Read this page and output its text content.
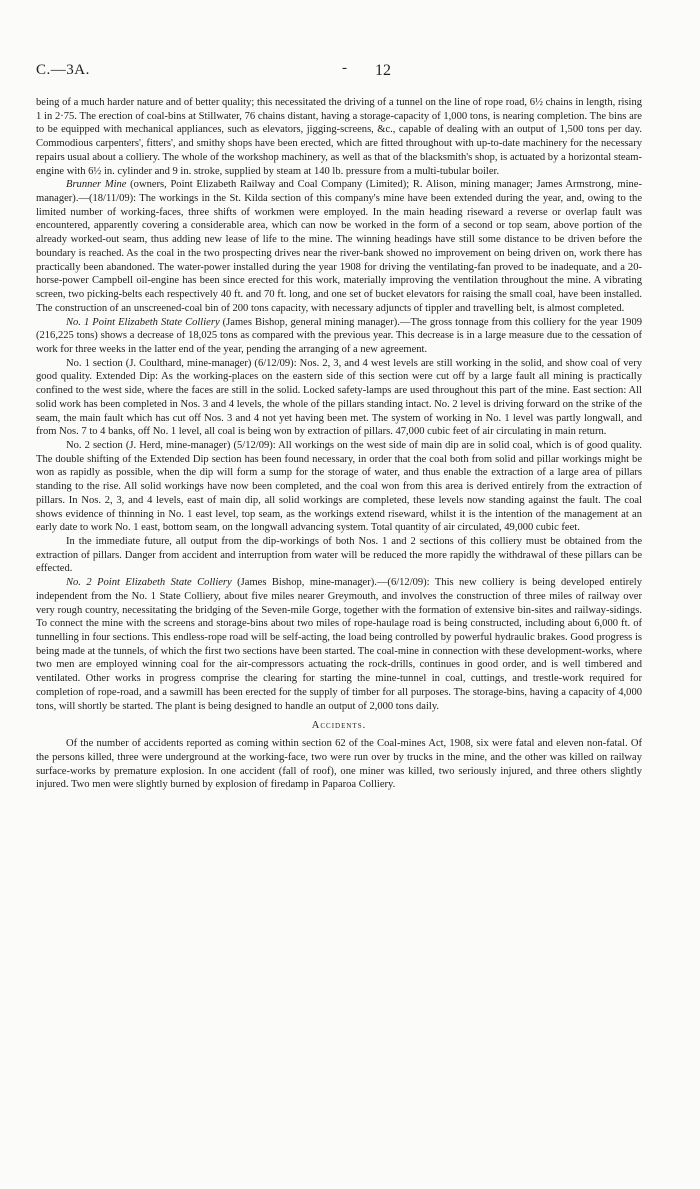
C.—3A.	- 12

being of a much harder nature and of better quality; this necessitated the driving of a tunnel on the line of rope road, 6½ chains in length, rising 1 in 2·75. The erection of coal-bins at Stillwater, 76 chains distant, having a storage-capacity of 1,000 tons, is nearing completion. The bins are to be equipped with mechanical appliances, such as elevators, jigging-screens, &c., capable of dealing with an output of 1,500 tons per day. Commodious carpenters', fitters', and smithy shops have been erected, which are fitted throughout with up-to-date machinery for the necessary repairs usual about a colliery. The whole of the workshop machinery, as well as that of the blacksmith's shop, is actuated by a horizontal steam-engine with 6½ in. cylinder and 9 in. stroke, supplied by steam at 140 lb. pressure from a multi-tubular boiler.

Brunner Mine (owners, Point Elizabeth Railway and Coal Company (Limited); R. Alison, mining manager; James Armstrong, mine-manager).—(18/11/09): The workings in the St. Kilda section of this company's mine have been extended during the year, and, owing to the limited number of working-faces, three shifts of workmen were employed. In the main heading riseward a reverse or overlap fault was encountered, apparently covering a considerable area, which can now be worked in the form of a second or top seam, above portion of the already worked-out seam, thus adding new lease of life to the mine. The winning headings have still some distance to be driven before the boundary is reached. As the coal in the two prospecting drives near the river-bank showed no improvement on being driven on, work there has practically been abandoned. The water-power installed during the year 1908 for driving the ventilating-fan proved to be inadequate, and a 20-horse-power Campbell oil-engine has been since erected for this work, materially improving the ventilation throughout the mine. A vibrating screen, two picking-belts each respectively 40 ft. and 70 ft. long, and one set of bucket elevators for raising the small coal, have been installed. The construction of an unscreened-coal bin of 200 tons capacity, with necessary adjuncts of tippler and travelling belt, is almost completed.

No. 1 Point Elizabeth State Colliery (James Bishop, general mining manager).—The gross tonnage from this colliery for the year 1909 (216,225 tons) shows a decrease of 18,025 tons as compared with the previous year. This decrease is in a large measure due to the cessation of work for three weeks in the latter end of the year, pending the arranging of a new agreement.

No. 1 section (J. Coulthard, mine-manager) (6/12/09): Nos. 2, 3, and 4 west levels are still working in the solid, and show coal of very good quality. Extended Dip: As the working-places on the eastern side of this section were cut off by a large fault all mining is practically confined to the west side, where the faces are still in the solid. Locked safety-lamps are used throughout this part of the mine. East section: All solid work has been completed in Nos. 3 and 4 levels, the whole of the pillars standing intact. No. 2 level is driving forward on the strike of the seam, the main fault which has cut off Nos. 3 and 4 not yet having been met. The system of working in No. 1 level was partly longwall, and from Nos. 7 to 4 banks, off No. 1 level, all coal is being won by extraction of pillars. 47,000 cubic feet of air circulating in main return.

No. 2 section (J. Herd, mine-manager) (5/12/09): All workings on the west side of main dip are in solid coal, which is of good quality. The double shifting of the Extended Dip section has been found necessary, in order that the coal both from solid and pillar workings might be won as rapidly as possible, when the dip will form a sump for the storage of water, and thus enable the extraction of a large area of pillars standing to the rise. All solid workings have now been completed, and the coal won from this area is derived entirely from the extraction of pillars. In Nos. 2, 3, and 4 levels, east of main dip, all solid workings are completed, these levels now standing against the fault. The coal shows evidence of thinning in No. 1 east level, top seam, as the workings extend riseward, whilst it is the intention of the management at an early date to work No. 1 east, bottom seam, on the longwall advancing system. Total quantity of air circulated, 49,000 cubic feet.

In the immediate future, all output from the dip-workings of both Nos. 1 and 2 sections of this colliery must be obtained from the extraction of pillars. Danger from accident and interruption from water will be reduced the more rapidly the withdrawal of these pillars can be effected.

No. 2 Point Elizabeth State Colliery (James Bishop, mine-manager).—(6/12/09): This new colliery is being developed entirely independent from the No. 1 State Colliery, about five miles nearer Greymouth, and involves the construction of three miles of railway over very rough country, necessitating the bridging of the Seven-mile Gorge, together with the formation of extensive bin-sites and railway-sidings. To connect the mine with the screens and storage-bins about two miles of rope-haulage road is being constructed, including about 6,000 ft. of tunnelling in four sections. This endless-rope road will be self-acting, the load being controlled by powerful hydraulic brakes. Good progress is being made at the tunnels, of which the first two sections have been started. The coal-mine in connection with these development-works, where two men are employed winning coal for the air-compressors actuating the rock-drills, continues in good order, and is well timbered and ventilated. Other works in progress comprise the clearing for starting the mine-tunnel in coal, cuttings, and trestle-work required for completion of rope-road, and a sawmill has been erected for the supply of timber for all purposes. The storage-bins, having a capacity of 4,000 tons, will shortly be started. The plant is being designed to handle an output of 2,000 tons daily.

Accidents.

Of the number of accidents reported as coming within section 62 of the Coal-mines Act, 1908, six were fatal and eleven non-fatal. Of the persons killed, three were underground at the working-face, two were run over by trucks in the mine, and the other was killed on railway surface-works by premature explosion. In one accident (fall of roof), one miner was killed, two seriously injured, and three others slightly injured. Two men were slightly burned by explosion of firedamp in Paparoa Colliery.
